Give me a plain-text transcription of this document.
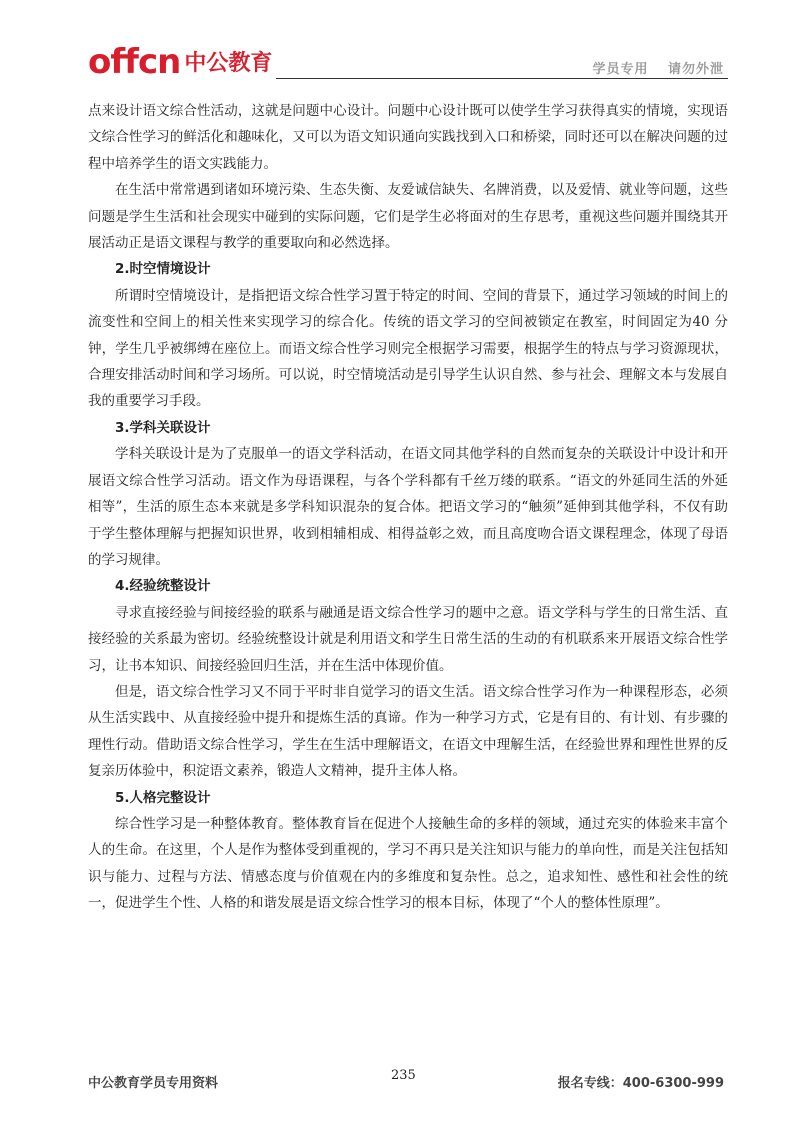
offcn 中公教育	学员专用 请勿外泄

点来设计语文综合性活动，这就是问题中心设计。问题中心设计既可以使学生学习获得真实的情境，实现语文综合性学习的鲜活化和趣味化，又可以为语文知识通向实践找到入口和桥梁，同时还可以在解决问题的过程中培养学生的语文实践能力。

在生活中常常遇到诸如环境污染、生态失衡、友爱诚信缺失、名牌消费，以及爱情、就业等问题，这些问题是学生生活和社会现实中碰到的实际问题，它们是学生必将面对的生存思考，重视这些问题并围绕其开展活动正是语文课程与教学的重要取向和必然选择。

2.时空情境设计

所谓时空情境设计，是指把语文综合性学习置于特定的时间、空间的背景下，通过学习领域的时间上的流变性和空间上的相关性来实现学习的综合化。传统的语文学习的空间被锁定在教室，时间固定为40 分钟，学生几乎被绑缚在座位上。而语文综合性学习则完全根据学习需要，根据学生的特点与学习资源现状，合理安排活动时间和学习场所。可以说，时空情境活动是引导学生认识自然、参与社会、理解文本与发展自我的重要学习手段。

3.学科关联设计

学科关联设计是为了克服单一的语文学科活动，在语文同其他学科的自然而复杂的关联设计中设计和开展语文综合性学习活动。语文作为母语课程，与各个学科都有千丝万缕的联系。“语文的外延同生活的外延相等”，生活的原生态本来就是多学科知识混杂的复合体。把语文学习的“触须”延伸到其他学科，不仅有助于学生整体理解与把握知识世界，收到相辅相成、相得益彰之效，而且高度吻合语文课程理念，体现了母语的学习规律。

4.经验统整设计

寻求直接经验与间接经验的联系与融通是语文综合性学习的题中之意。语文学科与学生的日常生活、直接经验的关系最为密切。经验统整设计就是利用语文和学生日常生活的生动的有机联系来开展语文综合性学习，让书本知识、间接经验回归生活，并在生活中体现价值。

但是，语文综合性学习又不同于平时非自觉学习的语文生活。语文综合性学习作为一种课程形态，必须从生活实践中、从直接经验中提升和提炼生活的真谛。作为一种学习方式，它是有目的、有计划、有步骤的理性行动。借助语文综合性学习，学生在生活中理解语文，在语文中理解生活，在经验世界和理性世界的反复亲历体验中，积淀语文素养，锻造人文精神，提升主体人格。

5.人格完整设计

综合性学习是一种整体教育。整体教育旨在促进个人接触生命的多样的领域，通过充实的体验来丰富个人的生命。在这里，个人是作为整体受到重视的，学习不再只是关注知识与能力的单向性，而是关注包括知识与能力、过程与方法、情感态度与价值观在内的多维度和复杂性。总之，追求知性、感性和社会性的统一，促进学生个性、人格的和谐发展是语文综合性学习的根本目标，体现了“个人的整体性原理”。

中公教育学员专用资料
235
报名专线：400-6300-999
